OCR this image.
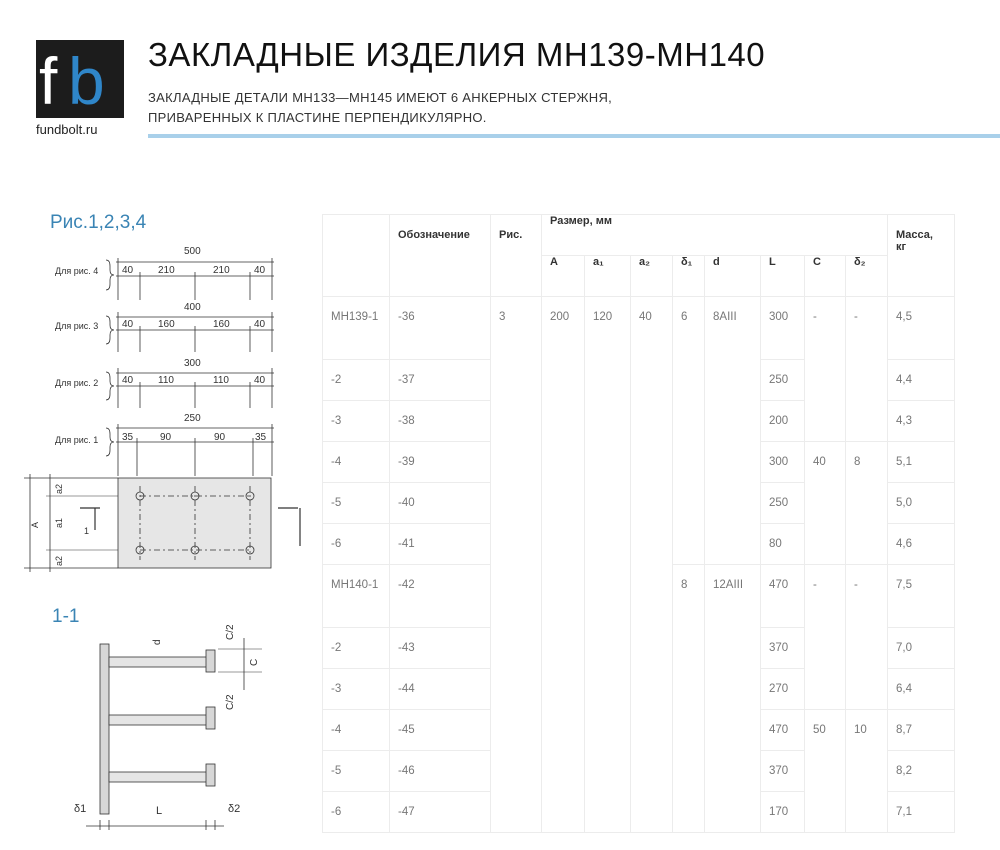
f b
fundbolt.ru
ЗАКЛАДНЫЕ ИЗДЕЛИЯ МН139-МН140
ЗАКЛАДНЫЕ ДЕТАЛИ МН133—МН145 ИМЕЮТ 6 АНКЕРНЫХ СТЕРЖНЯ,
ПРИВАРЕННЫХ К ПЛАСТИНЕ ПЕРПЕНДИКУЛЯРНО.
Рис.1,2,3,4
1-1
Для рис. 4
500
40 210	210 40
Для рис. 3
400
40 160	160 40
Для рис. 2
300
40 110	110	40
Для рис. 1
250
35	90	90	35
a2
a1
a2
A
1
d
C/2
C
C/2
δ1	L	δ2
	Обозначение	Рис.	Размер, мм								Масса, кг
			A	a₁	a₂	δ₁	d	L	C	δ₂	
МН139-1	-36	3	200	120	40	6	8AIII	300	-	-	4,5
-2	-37							250			4,4
-3	-38							200			4,3
-4	-39							300	40	8	5,1
-5	-40							250			5,0
-6	-41							80			4,6
МН140-1	-42					8	12AIII	470	-	-	7,5
-2	-43							370			7,0
-3	-44							270			6,4
-4	-45							470	50	10	8,7
-5	-46							370			8,2
-6	-47							170			7,1
